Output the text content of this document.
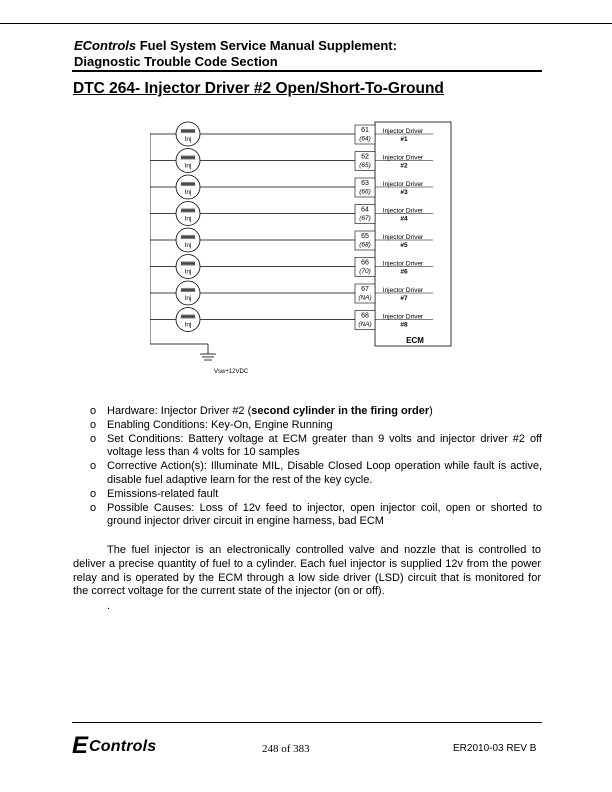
EControls Fuel System Service Manual Supplement:
Diagnostic Trouble Code Section
DTC 264- Injector Driver #2 Open/Short-To-Ground
ECM
Vsw+12VDC
Inj
61
(64)
Injector Driver
#1
Inj
62
(65)
Injector Driver
#2
Inj
63
(66)
Injector Driver
#3
Inj
64
(67)
Injector Driver
#4
Inj
65
(68)
Injector Driver
#5
Inj
66
(70)
Injector Driver
#6
Inj
67
(NA)
Injector Driver
#7
Inj
68
(NA)
Injector Driver
#8
o Hardware: Injector Driver #2 (second cylinder in the firing order)
o Enabling Conditions: Key-On, Engine Running
o Set Conditions: Battery voltage at ECM greater than 9 volts and injector driver #2 off voltage less than 4 volts for 10 samples
o Corrective Action(s): Illuminate MIL, Disable Closed Loop operation while fault is active, disable fuel adaptive learn for the rest of the key cycle.
o Emissions-related fault
o Possible Causes: Loss of 12v feed to injector, open injector coil, open or shorted to ground injector driver circuit in engine harness, bad ECM

The fuel injector is an electronically controlled valve and nozzle that is controlled to deliver a precise quantity of fuel to a cylinder. Each fuel injector is supplied 12v from the power relay and is operated by the ECM through a low side driver (LSD) circuit that is monitored for the correct voltage for the current state of the injector (on or off).

.
E Controls	248 of 383	ER2010-03 REV B
